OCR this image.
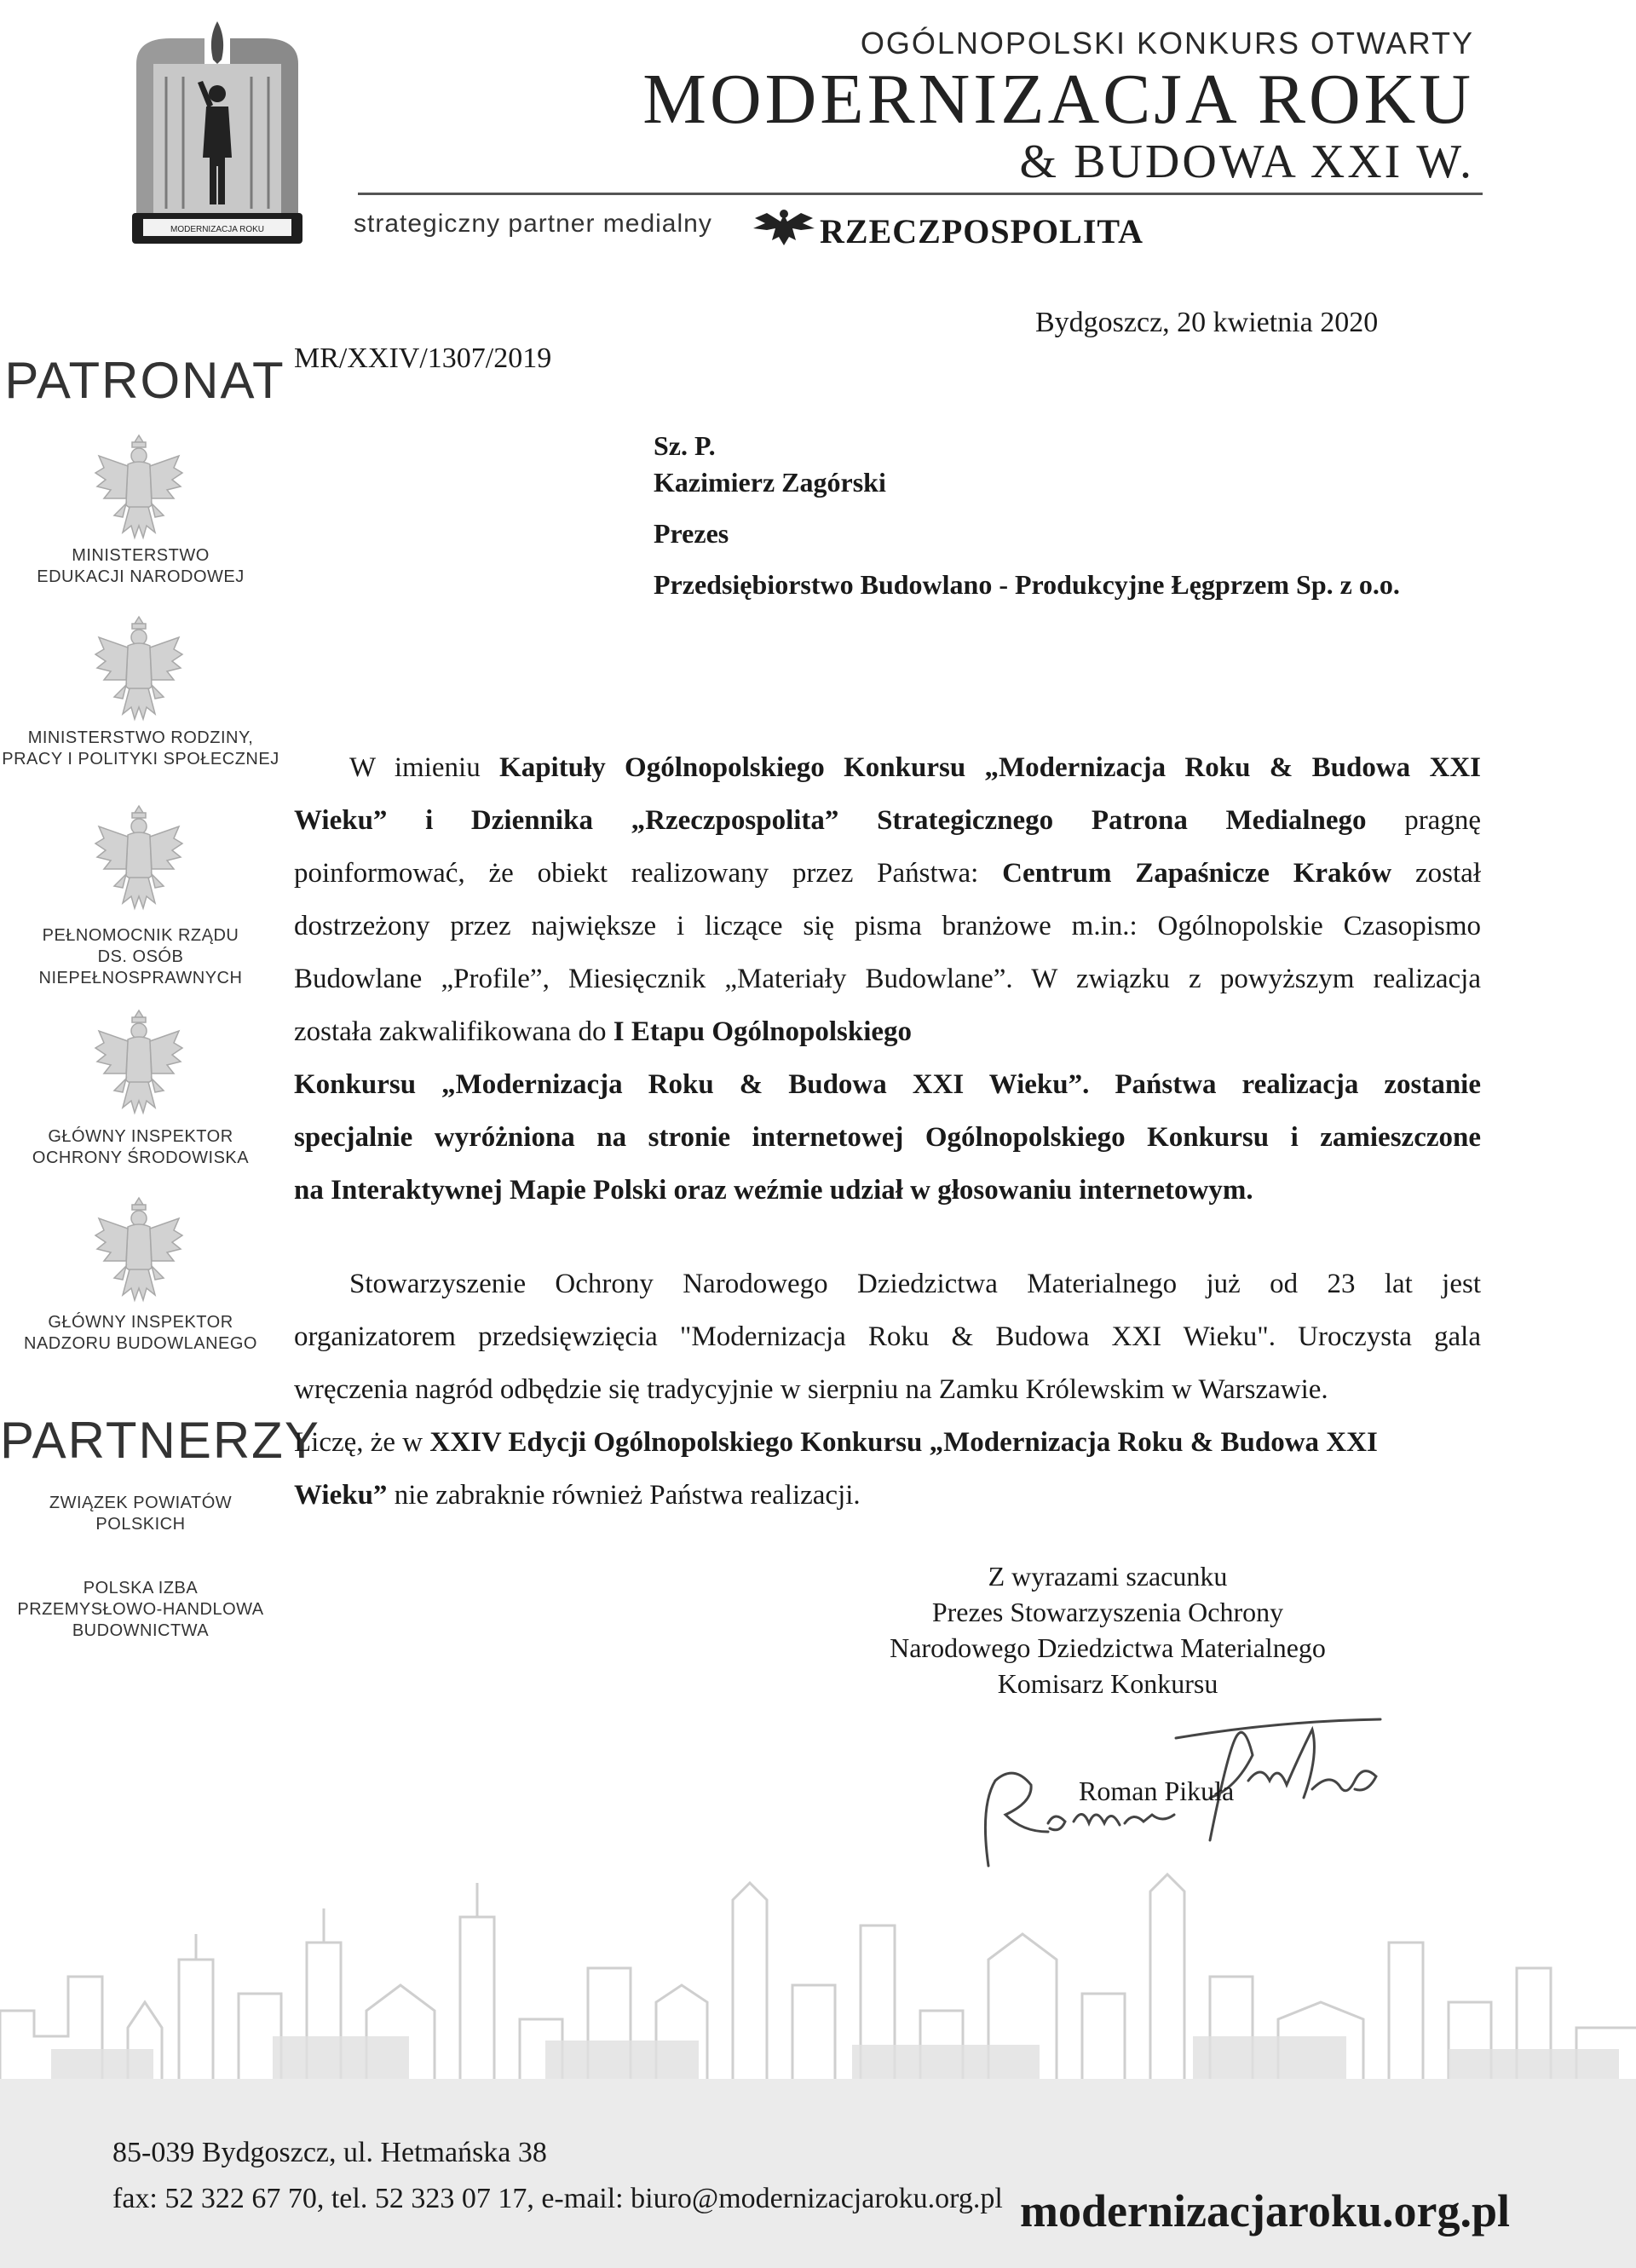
MODERNIZACJA ROKU
OGÓLNOPOLSKI KONKURS OTWARTY
MODERNIZACJA ROKU
& BUDOWA XXI W.
strategiczny partner medialny	RZECZPOSPOLITA
PATRONAT
MINISTERSTWO
EDUKACJI NARODOWEJ
MINISTERSTWO RODZINY,
PRACY I POLITYKI SPOŁECZNEJ
PEŁNOMOCNIK RZĄDU
DS. OSÓB
NIEPEŁNOSPRAWNYCH
GŁÓWNY INSPEKTOR
OCHRONY ŚRODOWISKA
GŁÓWNY INSPEKTOR
NADZORU BUDOWLANEGO
PARTNERZY
ZWIĄZEK POWIATÓW
POLSKICH
POLSKA IZBA
PRZEMYSŁOWO-HANDLOWA
BUDOWNICTWA
MR/XXIV/1307/2019
Bydgoszcz, 20 kwietnia 2020
Sz. P.
Kazimierz Zagórski
Prezes
Przedsiębiorstwo Budowlano - Produkcyjne Łęgprzem Sp. z o.o.
W imieniu Kapituły Ogólnopolskiego Konkursu „Modernizacja Roku & Budowa XXI
Wieku” i Dziennika „Rzeczpospolita” Strategicznego Patrona Medialnego pragnę
poinformować, że obiekt realizowany przez Państwa: Centrum Zapaśnicze Kraków został
dostrzeżony przez największe i liczące się pisma branżowe m.in.: Ogólnopolskie Czasopismo
Budowlane „Profile”, Miesięcznik „Materiały Budowlane”. W związku z powyższym realizacja
została zakwalifikowana do I Etapu Ogólnopolskiego
Konkursu „Modernizacja Roku & Budowa XXI Wieku”. Państwa realizacja zostanie
specjalnie wyróżniona na stronie internetowej Ogólnopolskiego Konkursu i zamieszczone
na Interaktywnej Mapie Polski oraz weźmie udział w głosowaniu internetowym.
Stowarzyszenie Ochrony Narodowego Dziedzictwa Materialnego już od 23 lat jest
organizatorem przedsięwzięcia "Modernizacja Roku & Budowa XXI Wieku". Uroczysta gala
wręczenia nagród odbędzie się tradycyjnie w sierpniu na Zamku Królewskim w Warszawie.
Liczę, że w XXIV Edycji Ogólnopolskiego Konkursu „Modernizacja Roku & Budowa XXI
Wieku” nie zabraknie również Państwa realizacji.
Z wyrazami szacunku
Prezes Stowarzyszenia Ochrony
Narodowego Dziedzictwa Materialnego
Komisarz Konkursu
Roman Pikuła
85-039 Bydgoszcz, ul. Hetmańska 38
fax: 52 322 67 70, tel. 52 323 07 17, e-mail: biuro@modernizacjaroku.org.pl modernizacjaroku.org.pl
